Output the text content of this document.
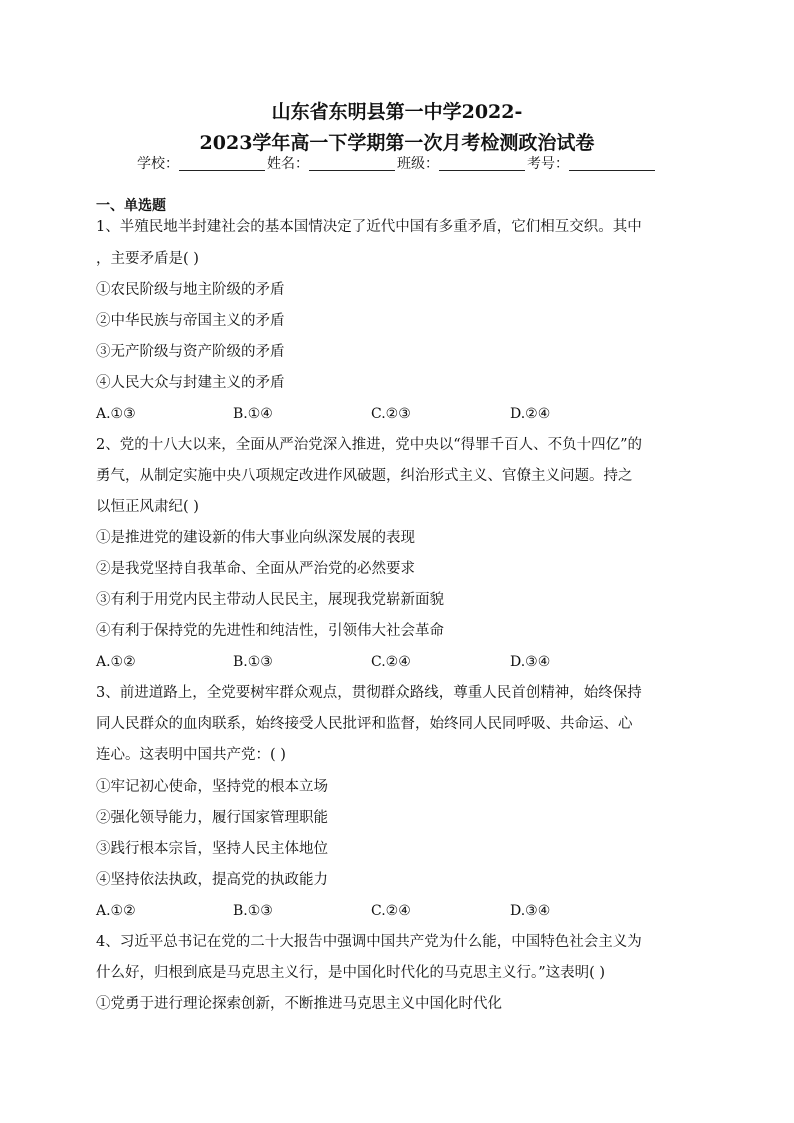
山东省东明县第一中学2022-
2023学年高一下学期第一次月考检测政治试卷
学校：	姓名：	班级：	考号：
一、单选题
1、半殖民地半封建社会的基本国情决定了近代中国有多重矛盾，它们相互交织。其中
，主要矛盾是( )
①农民阶级与地主阶级的矛盾
②中华民族与帝国主义的矛盾
③无产阶级与资产阶级的矛盾
④人民大众与封建主义的矛盾
A.①③	B.①④	C.②③	D.②④
2、党的十八大以来，全面从严治党深入推进，党中央以“得罪千百人、不负十四亿”的
勇气，从制定实施中央八项规定改进作风破题，纠治形式主义、官僚主义问题。持之
以恒正风肃纪( )
①是推进党的建设新的伟大事业向纵深发展的表现
②是我党坚持自我革命、全面从严治党的必然要求
③有利于用党内民主带动人民民主，展现我党崭新面貌
④有利于保持党的先进性和纯洁性，引领伟大社会革命
A.①②	B.①③	C.②④	D.③④
3、前进道路上，全党要树牢群众观点，贯彻群众路线，尊重人民首创精神，始终保持
同人民群众的血肉联系，始终接受人民批评和监督，始终同人民同呼吸、共命运、心
连心。这表明中国共产党：( )
①牢记初心使命，坚持党的根本立场
②强化领导能力，履行国家管理职能
③践行根本宗旨，坚持人民主体地位
④坚持依法执政，提高党的执政能力
A.①②	B.①③	C.②④	D.③④
4、习近平总书记在党的二十大报告中强调中国共产党为什么能，中国特色社会主义为
什么好，归根到底是马克思主义行，是中国化时代化的马克思主义行。”这表明( )
①党勇于进行理论探索创新，不断推进马克思主义中国化时代化
